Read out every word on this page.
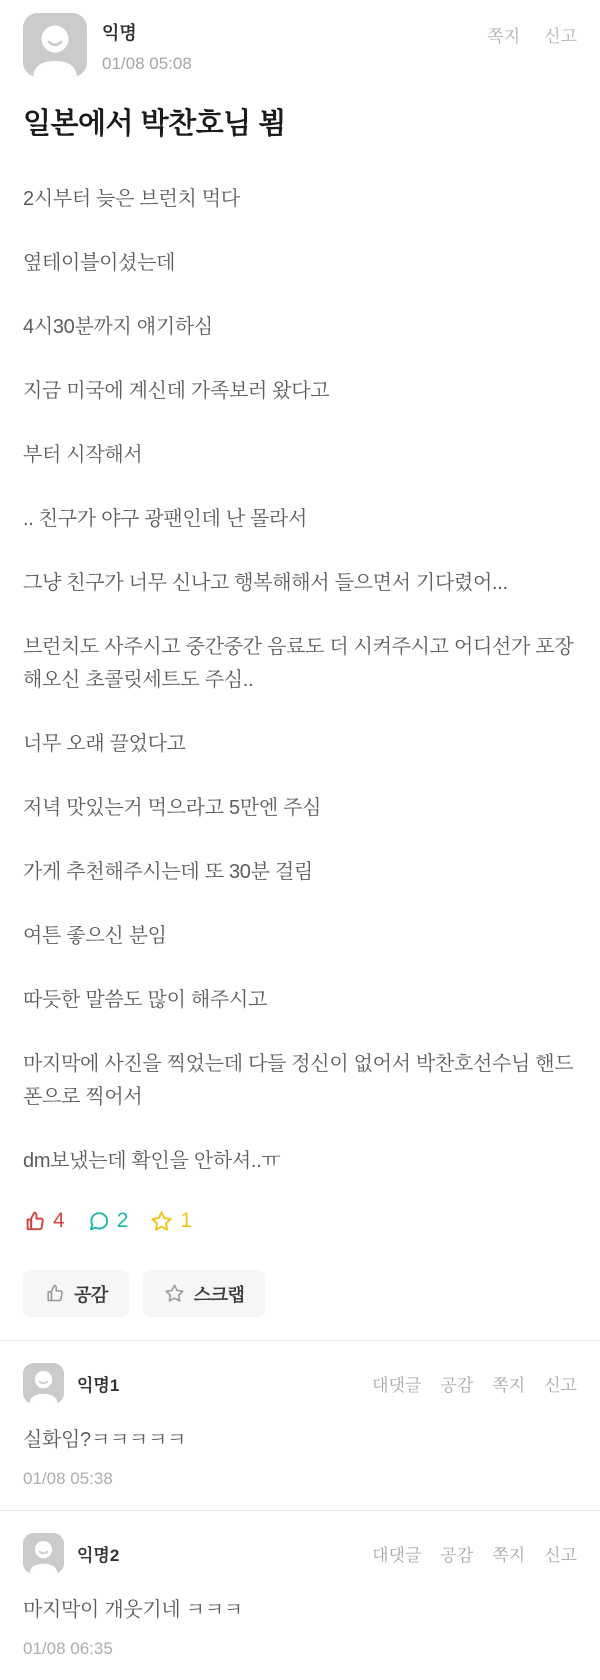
익명
01/08 05:08
쪽지 신고
일본에서 박찬호님 뵘

2시부터 늦은 브런치 먹다

옆테이블이셨는데

4시30분까지 얘기하심

지금 미국에 계신데 가족보러 왔다고

부터 시작해서

.. 친구가 야구 광팬인데 난 몰라서

그냥 친구가 너무 신나고 행복해해서 들으면서 기다렸어...

브런치도 사주시고 중간중간 음료도 더 시켜주시고 어디선가 포장해오신 초콜릿세트도 주심..

너무 오래 끌었다고

저녁 맛있는거 먹으라고 5만엔 주심

가게 추천해주시는데 또 30분 걸림

여튼 좋으신 분임

따듯한 말씀도 많이 해주시고

마지막에 사진을 찍었는데 다들 정신이 없어서 박찬호선수님 핸드폰으로 찍어서

dm보냈는데 확인을 안하셔..ㅠ

4 2 1
공감	스크랩
익명1	대댓글 공감 쪽지 신고
실화임?ㅋㅋㅋㅋㅋ
01/08 05:38
익명2	대댓글 공감 쪽지 신고
마지막이 개웃기네 ㅋㅋㅋ
01/08 06:35
